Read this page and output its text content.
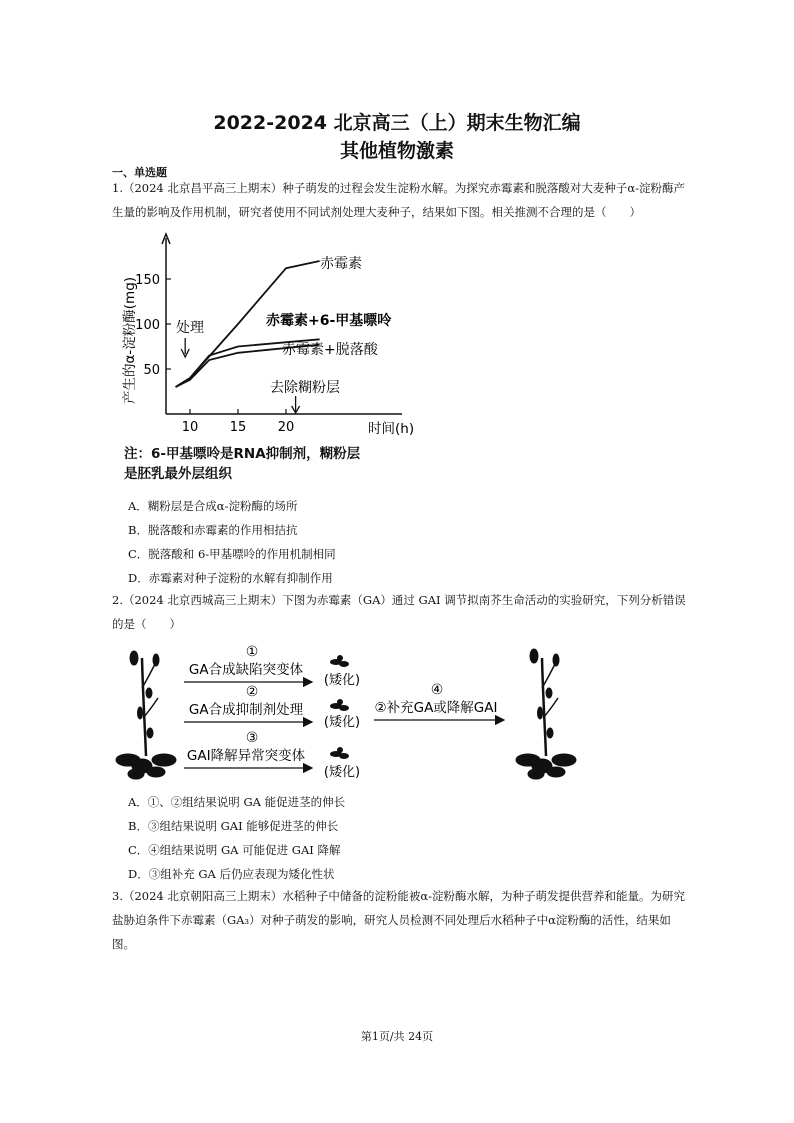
2022-2024 北京高三（上）期末生物汇编
其他植物激素
一、单选题
1.（2024 北京昌平高三上期末）种子萌发的过程会发生淀粉水解。为探究赤霉素和脱落酸对大麦种子α-淀粉酶产生量的影响及作用机制，研究者使用不同试剂处理大麦种子，结果如下图。相关推测不合理的是（　　）
10 15 20
50
100
150
时间(h)
产生的α-淀粉酶(mg)
赤霉素
赤霉素+6-甲基嘌呤
赤霉素+脱落酸
处理
去除糊粉层
注：6-甲基嘌呤是RNA抑制剂，糊粉层
是胚乳最外层组织
A．糊粉层是合成α-淀粉酶的场所
B．脱落酸和赤霉素的作用相拮抗
C．脱落酸和 6-甲基嘌呤的作用机制相同
D．赤霉素对种子淀粉的水解有抑制作用
2.（2024 北京西城高三上期末）下图为赤霉素（GA）通过 GAI 调节拟南芥生命活动的实验研究，下列分析错误的是（　　）
①
GA合成缺陷突变体
(矮化)
②
GA合成抑制剂处理
(矮化)
③
GAI降解异常突变体
(矮化)
④
②补充GA或降解GAI
A．①、②组结果说明 GA 能促进茎的伸长
B．③组结果说明 GAI 能够促进茎的伸长
C．④组结果说明 GA 可能促进 GAI 降解
D．③组补充 GA 后仍应表现为矮化性状
3.（2024 北京朝阳高三上期末）水稻种子中储备的淀粉能被α-淀粉酶水解，为种子萌发提供营养和能量。为研究盐胁迫条件下赤霉素（GA₃）对种子萌发的影响，研究人员检测不同处理后水稻种子中α淀粉酶的活性，结果如图。
第1页/共 24页
